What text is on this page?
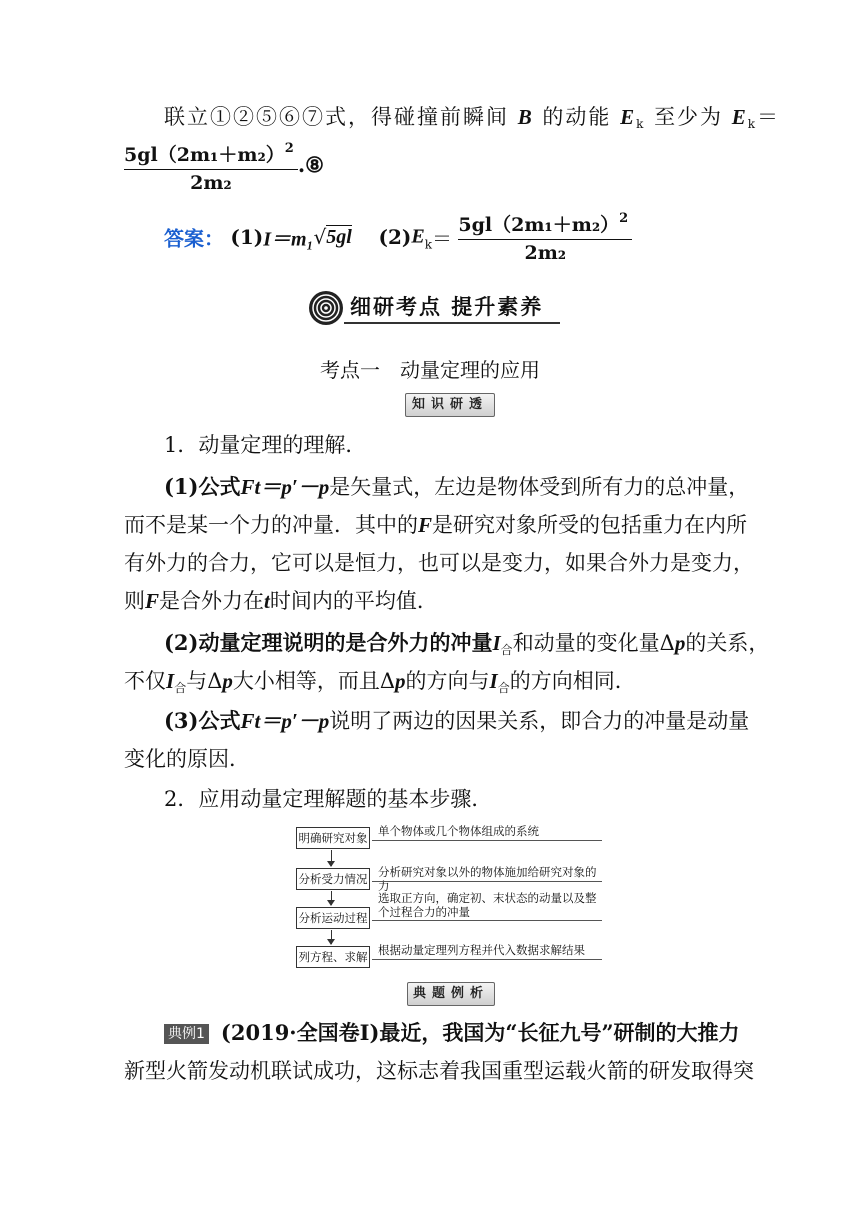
联立①②⑤⑥⑦式，得碰撞前瞬间 B 的动能 $E_k$ 至少为 $E_k=$
$\frac{5gl(2m_1+m_2)^2}{\text{2m₂}}$ .⑧
答案： (1)I＝m₁√5gl $(2)E_k= \frac{5gl(2m_1+m_2)^2}{\text{2m₂}}$
细研考点 提升素养
考点一　动量定理的应用
知识研透
1．动量定理的理解．
(1)公式Ft＝p′－p是矢量式，左边是物体受到所有力的总冲量，
而不是某一个力的冲量．其中的F是研究对象所受的包括重力在内所
有外力的合力，它可以是恒力，也可以是变力，如果合外力是变力，
则F是合外力在t时间内的平均值．
(2)动量定理说明的是合外力的冲量$I_合$和动量的变化量Δp的关系，
不仅$I_合$与Δp大小相等，而且Δp的方向与$I_合$的方向相同．
(3)公式Ft＝p′－p说明了两边的因果关系，即合力的冲量是动量
变化的原因．
2．应用动量定理解题的基本步骤．
明确研究对象 单个物体或几个物体组成的系统
分析受力情况 分析研究对象以外的物体施加给研究对象的力
分析运动过程
选取正方向，确定初、末状态的动量以及整个过程合力的冲量
列方程、求解 根据动量定理列方程并代入数据求解结果
典题例析
典例1 (2019·全国卷Ⅰ)最近，我国为“长征九号”研制的大推力
新型火箭发动机联试成功，这标志着我国重型运载火箭的研发取得突
